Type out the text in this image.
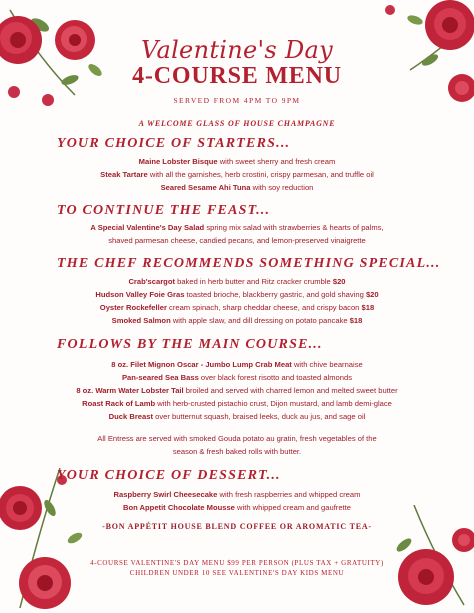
Valentine's Day
4-COURSE MENU
SERVED FROM 4PM TO 9PM
A WELCOME GLASS OF HOUSE CHAMPAGNE
YOUR CHOICE OF STARTERS...
Maine Lobster Bisque with sweet sherry and fresh cream
Steak Tartare with all the garnishes, herb crostini, crispy parmesan, and truffle oil
Seared Sesame Ahi Tuna with soy reduction
TO CONTINUE THE FEAST...
A Special Valentine's Day Salad spring mix salad with strawberries & hearts of palms,
shaved parmesan cheese, candied pecans, and lemon-preserved vinaigrette
THE CHEF RECOMMENDS SOMETHING SPECIAL...
Crab'scargot baked in herb butter and Ritz cracker crumble $20
Hudson Valley Foie Gras toasted brioche, blackberry gastric, and gold shaving $20
Oyster Rockefeller cream spinach, sharp cheddar cheese, and crispy bacon $18
Smoked Salmon with apple slaw, and dill dressing on potato pancake $18
FOLLOWS BY THE MAIN COURSE...
8 oz. Filet Mignon Oscar - Jumbo Lump Crab Meat with chive bearnaise
Pan-seared Sea Bass over black forest risotto and toasted almonds
8 oz. Warm Water Lobster Tail broiled and served with charred lemon and melted sweet butter
Roast Rack of Lamb with herb-crusted pistachio crust, Dijon mustard, and lamb demi-glace
Duck Breast over butternut squash, braised leeks, duck au jus, and sage oil
All Entress are served with smoked Gouda potato au gratin, fresh vegetables of the
season & fresh baked rolls with butter.
YOUR CHOICE OF DESSERT...
Raspberry Swirl Cheesecake with fresh raspberries and whipped cream
Bon Appetit Chocolate Mousse with whipped cream and gaufrette
-BON APPÉTIT HOUSE BLEND COFFEE OR AROMATIC TEA-
4-COURSE VALENTINE'S DAY MENU $99 PER PERSON (PLUS TAX + GRATUITY)
CHILDREN UNDER 10 SEE VALENTINE'S DAY KIDS MENU
